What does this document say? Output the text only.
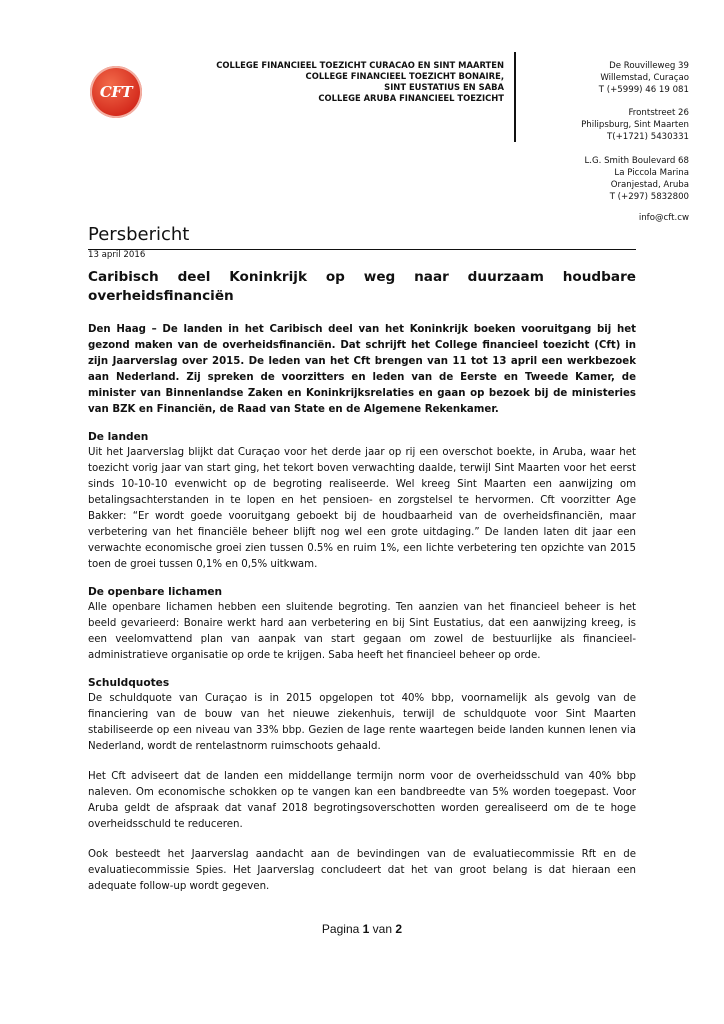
CFT
COLLEGE FINANCIEEL TOEZICHT CURACAO EN SINT MAARTEN
COLLEGE FINANCIEEL TOEZICHT BONAIRE,
SINT EUSTATIUS EN SABA
COLLEGE ARUBA FINANCIEEL TOEZICHT
De Rouvilleweg 39
Willemstad, Curaçao
T (+5999) 46 19 081
Frontstreet 26
Philipsburg, Sint Maarten
T(+1721) 5430331
L.G. Smith Boulevard 68
La Piccola Marina
Oranjestad, Aruba
T (+297) 5832800
info@cft.cw
Persbericht
13 april 2016
Caribisch deel Koninkrijk op weg naar duurzaam houdbare overheidsfinanciën

Den Haag – De landen in het Caribisch deel van het Koninkrijk boeken vooruitgang bij het gezond maken van de overheidsfinanciën. Dat schrijft het College financieel toezicht (Cft) in zijn Jaarverslag over 2015. De leden van het Cft brengen van 11 tot 13 april een werkbezoek aan Nederland. Zij spreken de voorzitters en leden van de Eerste en Tweede Kamer, de minister van Binnenlandse Zaken en Koninkrijksrelaties en gaan op bezoek bij de ministeries van BZK en Financiën, de Raad van State en de Algemene Rekenkamer.

De landen

Uit het Jaarverslag blijkt dat Curaçao voor het derde jaar op rij een overschot boekte, in Aruba, waar het toezicht vorig jaar van start ging, het tekort boven verwachting daalde, terwijl Sint Maarten voor het eerst sinds 10-10-10 evenwicht op de begroting realiseerde. Wel kreeg Sint Maarten een aanwijzing om betalingsachterstanden in te lopen en het pensioen- en zorgstelsel te hervormen. Cft voorzitter Age Bakker: “Er wordt goede vooruitgang geboekt bij de houdbaarheid van de overheidsfinanciën, maar verbetering van het financiële beheer blijft nog wel een grote uitdaging.” De landen laten dit jaar een verwachte economische groei zien tussen 0.5% en ruim 1%, een lichte verbetering ten opzichte van 2015 toen de groei tussen 0,1% en 0,5% uitkwam.

De openbare lichamen

Alle openbare lichamen hebben een sluitende begroting. Ten aanzien van het financieel beheer is het beeld gevarieerd: Bonaire werkt hard aan verbetering en bij Sint Eustatius, dat een aanwijzing kreeg, is een veelomvattend plan van aanpak van start gegaan om zowel de bestuurlijke als financieel-administratieve organisatie op orde te krijgen. Saba heeft het financieel beheer op orde.

Schuldquotes

De schuldquote van Curaçao is in 2015 opgelopen tot 40% bbp, voornamelijk als gevolg van de financiering van de bouw van het nieuwe ziekenhuis, terwijl de schuldquote voor Sint Maarten stabiliseerde op een niveau van 33% bbp. Gezien de lage rente waartegen beide landen kunnen lenen via Nederland, wordt de rentelastnorm ruimschoots gehaald.

Het Cft adviseert dat de landen een middellange termijn norm voor de overheidsschuld van 40% bbp naleven. Om economische schokken op te vangen kan een bandbreedte van 5% worden toegepast. Voor Aruba geldt de afspraak dat vanaf 2018 begrotingsoverschotten worden gerealiseerd om de te hoge overheidsschuld te reduceren.

Ook besteedt het Jaarverslag aandacht aan de bevindingen van de evaluatiecommissie Rft en de evaluatiecommissie Spies. Het Jaarverslag concludeert dat het van groot belang is dat hieraan een adequate follow-up wordt gegeven.

Pagina 1 van 2
